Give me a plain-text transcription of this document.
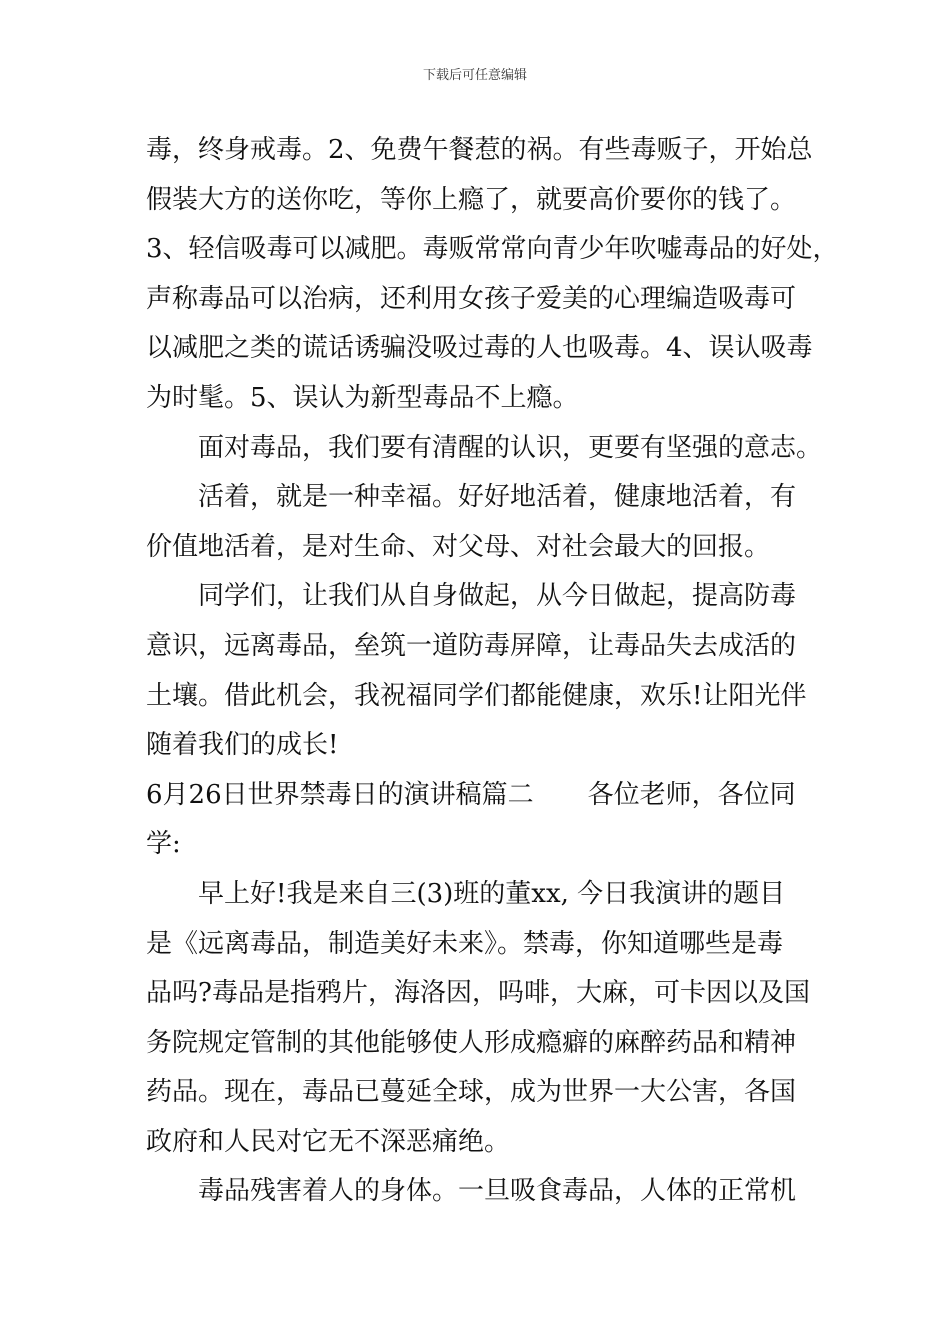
下载后可任意编辑
毒，终身戒毒。2、免费午餐惹的祸。有些毒贩子，开始总
假装大方的送你吃，等你上瘾了，就要高价要你的钱了。
3、轻信吸毒可以减肥。毒贩常常向青少年吹嘘毒品的好处，
声称毒品可以治病，还利用女孩子爱美的心理编造吸毒可
以减肥之类的谎话诱骗没吸过毒的人也吸毒。4、误认吸毒
为时髦。5、误认为新型毒品不上瘾。
面对毒品，我们要有清醒的认识，更要有坚强的意志。
活着，就是一种幸福。好好地活着，健康地活着，有
价值地活着，是对生命、对父母、对社会最大的回报。
同学们，让我们从自身做起，从今日做起，提高防毒
意识，远离毒品，垒筑一道防毒屏障，让毒品失去成活的
土壤。借此机会，我祝福同学们都能健康，欢乐!让阳光伴
随着我们的成长!
6月26日世界禁毒日的演讲稿篇二 各位老师，各位同
学:
早上好!我是来自三(3)班的董xx, 今日我演讲的题目
是《远离毒品，制造美好未来》。禁毒，你知道哪些是毒
品吗?毒品是指鸦片，海洛因，吗啡，大麻，可卡因以及国
务院规定管制的其他能够使人形成瘾癖的麻醉药品和精神
药品。现在，毒品已蔓延全球，成为世界一大公害，各国
政府和人民对它无不深恶痛绝。
毒品残害着人的身体。一旦吸食毒品，人体的正常机
